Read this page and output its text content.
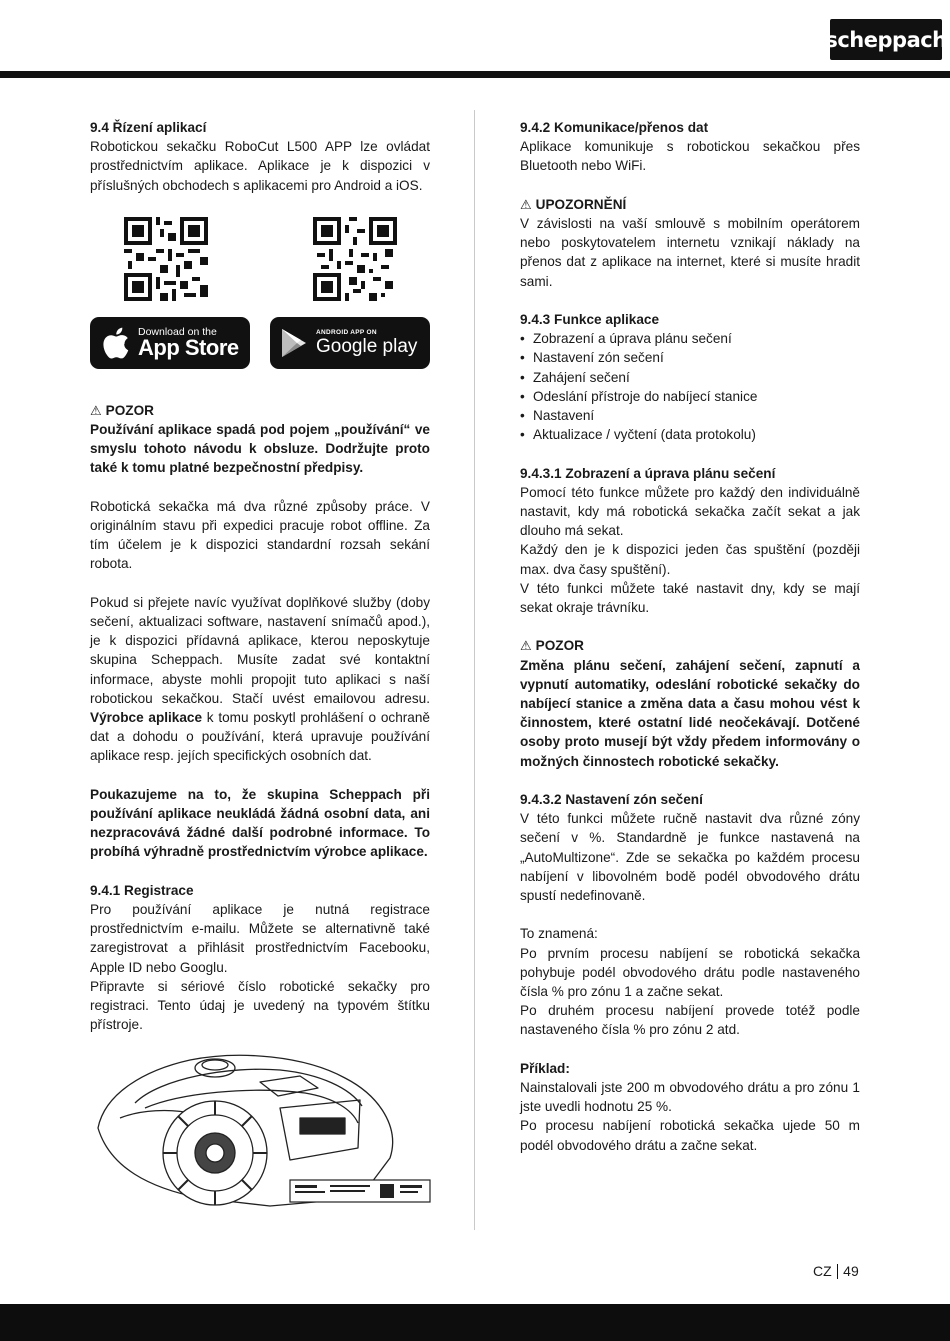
scheppach

9.4 Řízení aplikací

Robotickou sekačku RoboCut L500 APP lze ovládat prostřednictvím aplikace. Aplikace je k dispozici v příslušných obchodech s aplikacemi pro Android a iOS.

Download on the
App Store
ANDROID APP ON
Google play

⚠ POZOR

Používání aplikace spadá pod pojem „používání“ ve smyslu tohoto návodu k obsluze. Dodržujte proto také k tomu platné bezpečnostní předpisy.

Robotická sekačka má dva různé způsoby práce. V originálním stavu při expedici pracuje robot offline. Za tím účelem je k dispozici standardní rozsah sekání robota.

Pokud si přejete navíc využívat doplňkové služby (doby sečení, aktualizaci software, nastavení snímačů apod.), je k dispozici přídavná aplikace, kterou neposkytuje skupina Scheppach. Musíte zadat své kontaktní informace, abyste mohli propojit tuto aplikaci s naší robotickou sekačkou. Stačí uvést emailovou adresu. Výrobce aplikace k tomu poskytl prohlášení o ochraně dat a dohodu o používání, která upravuje používání aplikace resp. jejích specifických osobních dat.

Poukazujeme na to, že skupina Scheppach při používání aplikace neukládá žádná osobní data, ani nezpracovává žádné další podrobné informace. To probíhá výhradně prostřednictvím výrobce aplikace.

9.4.1 Registrace

Pro používání aplikace je nutná registrace prostřednictvím e-mailu. Můžete se alternativně také zaregistrovat a přihlásit prostřednictvím Facebooku, Apple ID nebo Googlu.

Připravte si sériové číslo robotické sekačky pro registraci. Tento údaj je uvedený na typovém štítku přístroje.

9.4.2 Komunikace/přenos dat

Aplikace komunikuje s robotickou sekačkou přes Bluetooth nebo WiFi.

⚠ UPOZORNĚNÍ

V závislosti na vaší smlouvě s mobilním operátorem nebo poskytovatelem internetu vznikají náklady na přenos dat z aplikace na internet, které si musíte hradit sami.

9.4.3 Funkce aplikace

• Zobrazení a úprava plánu sečení
• Nastavení zón sečení
• Zahájení sečení
• Odeslání přístroje do nabíjecí stanice
• Nastavení
• Aktualizace / vyčtení (data protokolu)

9.4.3.1 Zobrazení a úprava plánu sečení

Pomocí této funkce můžete pro každý den individuálně nastavit, kdy má robotická sekačka začít sekat a jak dlouho má sekat.

Každý den je k dispozici jeden čas spuštění (později max. dva časy spuštění).

V této funkci můžete také nastavit dny, kdy se mají sekat okraje trávníku.

⚠ POZOR

Změna plánu sečení, zahájení sečení, zapnutí a vypnutí automatiky, odeslání robotické sekačky do nabíjecí stanice a změna data a času mohou vést k činnostem, které ostatní lidé neočekávají. Dotčené osoby proto musejí být vždy předem informovány o možných činnostech robotické sekačky.

9.4.3.2 Nastavení zón sečení

V této funkci můžete ručně nastavit dva různé zóny sečení v %. Standardně je funkce nastavená na „AutoMultizone“. Zde se sekačka po každém procesu nabíjení v libovolném bodě podél obvodového drátu spustí nedefinovaně.

To znamená:

Po prvním procesu nabíjení se robotická sekačka pohybuje podél obvodového drátu podle nastaveného čísla % pro zónu 1 a začne sekat.

Po druhém procesu nabíjení provede totéž podle nastaveného čísla % pro zónu 2 atd.

Příklad:

Nainstalovali jste 200 m obvodového drátu a pro zónu 1 jste uvedli hodnotu 25 %.

Po procesu nabíjení robotická sekačka ujede 50 m podél obvodového drátu a začne sekat.

CZ 49
